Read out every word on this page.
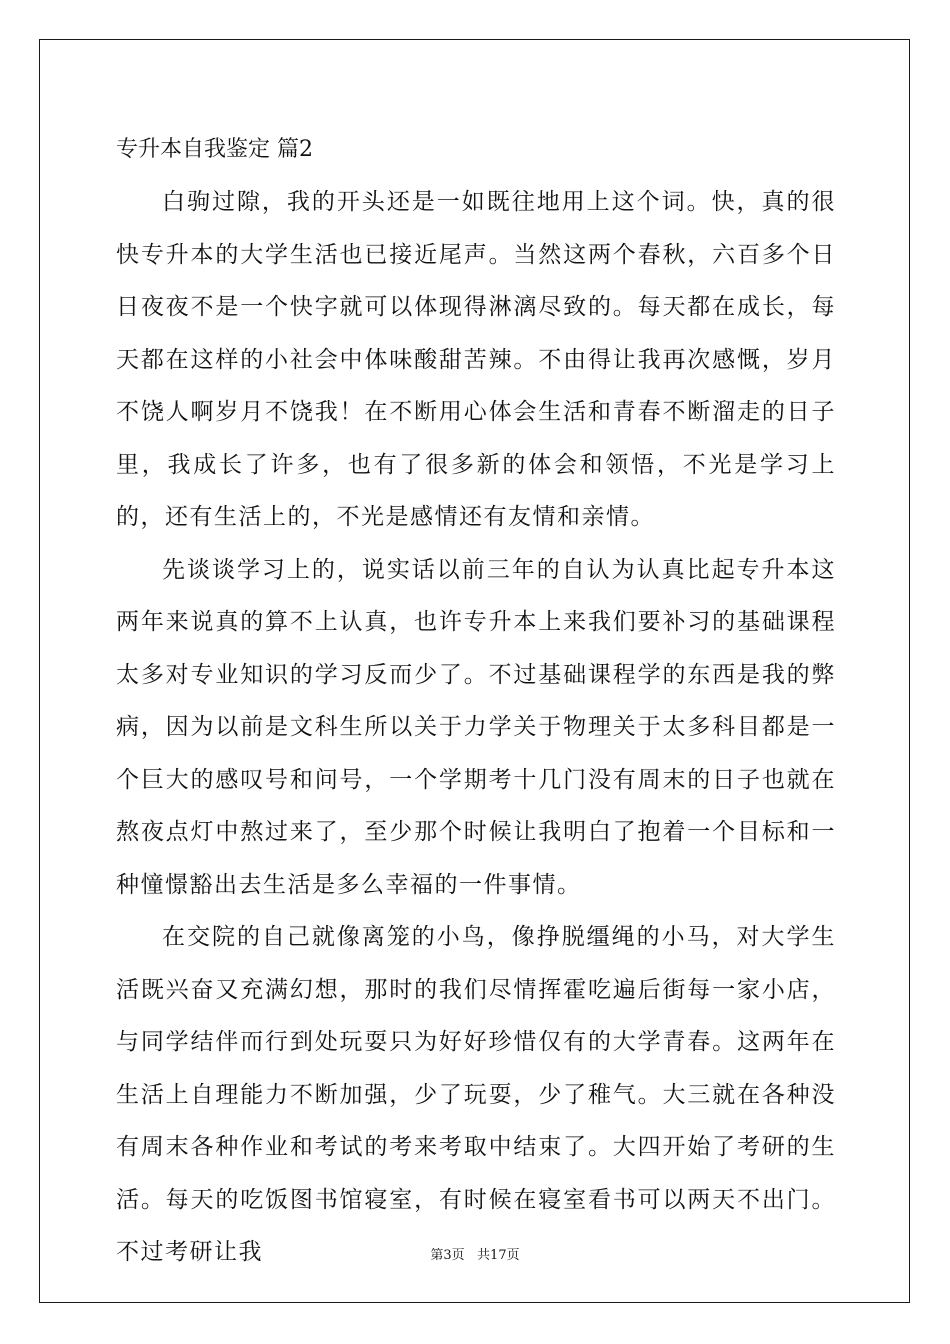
专升本自我鉴定 篇2

白驹过隙，我的开头还是一如既往地用上这个词。快，真的很快专升本的大学生活也已接近尾声。当然这两个春秋，六百多个日日夜夜不是一个快字就可以体现得淋漓尽致的。每天都在成长，每天都在这样的小社会中体味酸甜苦辣。不由得让我再次感慨，岁月不饶人啊岁月不饶我！在不断用心体会生活和青春不断溜走的日子里，我成长了许多，也有了很多新的体会和领悟，不光是学习上的，还有生活上的，不光是感情还有友情和亲情。

先谈谈学习上的，说实话以前三年的自认为认真比起专升本这两年来说真的算不上认真，也许专升本上来我们要补习的基础课程太多对专业知识的学习反而少了。不过基础课程学的东西是我的弊病，因为以前是文科生所以关于力学关于物理关于太多科目都是一个巨大的感叹号和问号，一个学期考十几门没有周末的日子也就在熬夜点灯中熬过来了，至少那个时候让我明白了抱着一个目标和一种憧憬豁出去生活是多么幸福的一件事情。

在交院的自己就像离笼的小鸟，像挣脱缰绳的小马，对大学生活既兴奋又充满幻想，那时的我们尽情挥霍吃遍后街每一家小店，与同学结伴而行到处玩耍只为好好珍惜仅有的大学青春。这两年在生活上自理能力不断加强，少了玩耍，少了稚气。大三就在各种没有周末各种作业和考试的考来考取中结束了。大四开始了考研的生活。每天的吃饭图书馆寝室，有时候在寝室看书可以两天不出门。不过考研让我	第3页   共17页
